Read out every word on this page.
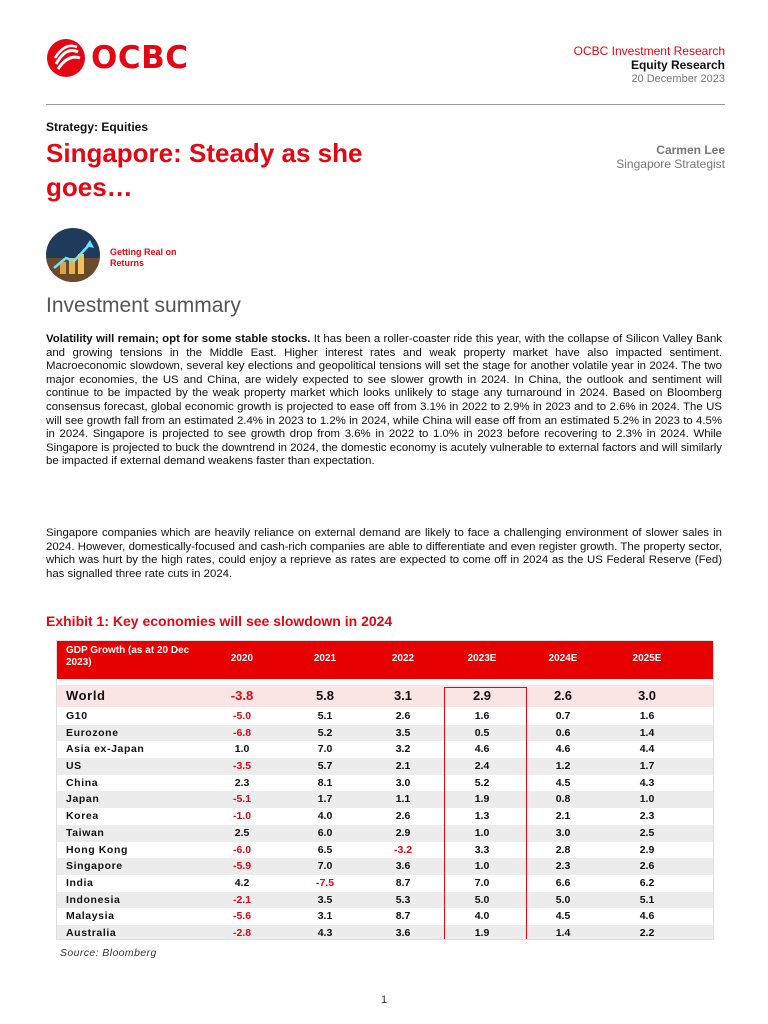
OCBC	OCBC Investment Research
Equity Research
20 December 2023
Strategy: Equities
Singapore: Steady as she goes…
Carmen Lee
Singapore Strategist
Getting Real on Returns
Investment summary
Volatility will remain; opt for some stable stocks. It has been a roller-coaster ride this year, with the collapse of Silicon Valley Bank and growing tensions in the Middle East. Higher interest rates and weak property market have also impacted sentiment. Macroeconomic slowdown, several key elections and geopolitical tensions will set the stage for another volatile year in 2024. The two major economies, the US and China, are widely expected to see slower growth in 2024. In China, the outlook and sentiment will continue to be impacted by the weak property market which looks unlikely to stage any turnaround in 2024. Based on Bloomberg consensus forecast, global economic growth is projected to ease off from 3.1% in 2022 to 2.9% in 2023 and to 2.6% in 2024. The US will see growth fall from an estimated 2.4% in 2023 to 1.2% in 2024, while China will ease off from an estimated 5.2% in 2023 to 4.5% in 2024. Singapore is projected to see growth drop from 3.6% in 2022 to 1.0% in 2023 before recovering to 2.3% in 2024. While Singapore is projected to buck the downtrend in 2024, the domestic economy is acutely vulnerable to external factors and will similarly be impacted if external demand weakens faster than expectation.
Singapore companies which are heavily reliance on external demand are likely to face a challenging environment of slower sales in 2024. However, domestically-focused and cash-rich companies are able to differentiate and even register growth. The property sector, which was hurt by the high rates, could enjoy a reprieve as rates are expected to come off in 2024 as the US Federal Reserve (Fed) has signalled three rate cuts in 2024.
Exhibit 1: Key economies will see slowdown in 2024
GDP Growth (as at 20 Dec 2023)	2020	2021	2022	2023E	2024E	2025E
World	-3.8	5.8	3.1	2.9	2.6	3.0
G10	-5.0	5.1	2.6	1.6	0.7	1.6
Eurozone	-6.8	5.2	3.5	0.5	0.6	1.4
Asia ex-Japan	1.0	7.0	3.2	4.6	4.6	4.4
US	-3.5	5.7	2.1	2.4	1.2	1.7
China	2.3	8.1	3.0	5.2	4.5	4.3
Japan	-5.1	1.7	1.1	1.9	0.8	1.0
Korea	-1.0	4.0	2.6	1.3	2.1	2.3
Taiwan	2.5	6.0	2.9	1.0	3.0	2.5
Hong Kong	-6.0	6.5	-3.2	3.3	2.8	2.9
Singapore	-5.9	7.0	3.6	1.0	2.3	2.6
India	4.2	-7.5	8.7	7.0	6.6	6.2
Indonesia	-2.1	3.5	5.3	5.0	5.0	5.1
Malaysia	-5.6	3.1	8.7	4.0	4.5	4.6
Australia	-2.8	4.3	3.6	1.9	1.4	2.2
Source: Bloomberg
1
